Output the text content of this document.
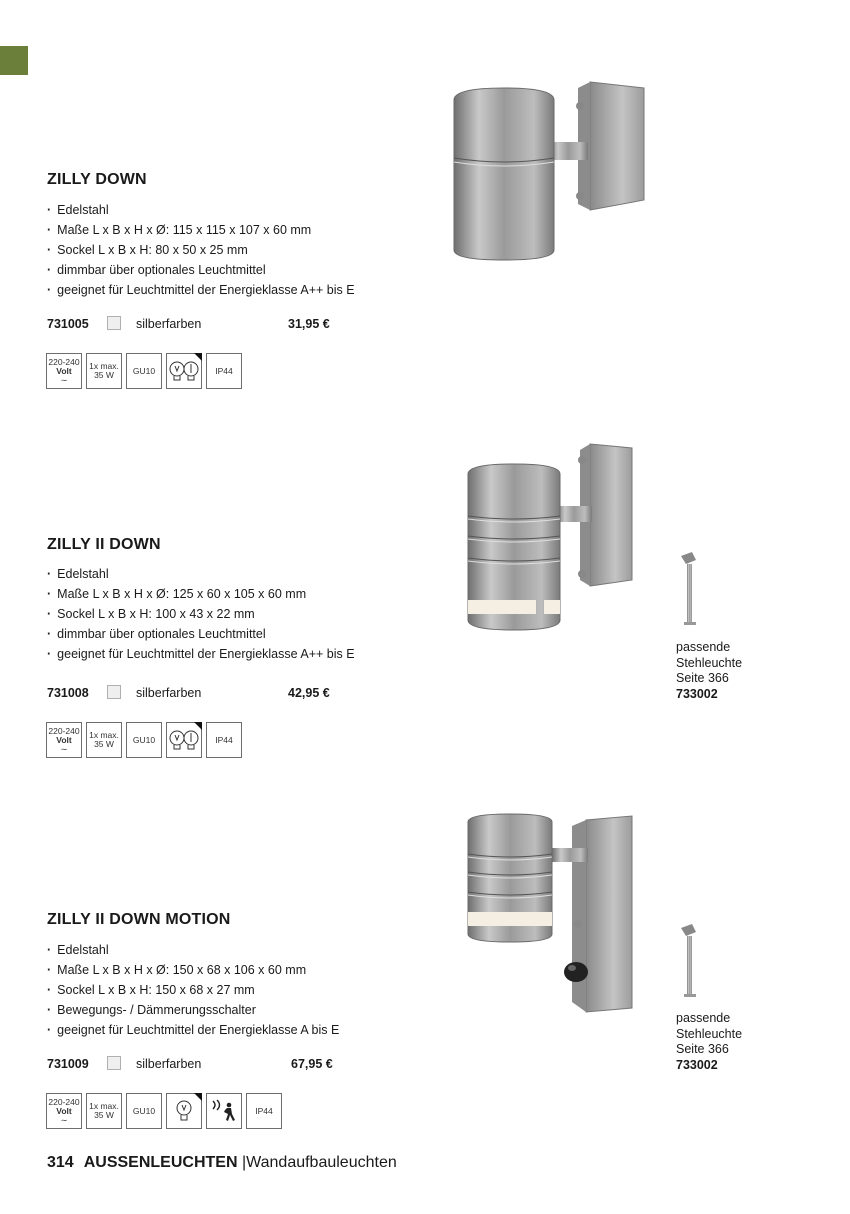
ZILLY DOWN
· Edelstahl
· Maße L x B x H x Ø: 115 x 115 x 107 x 60 mm
· Sockel L x B x H: 80 x 50 x 25 mm
· dimmbar über optionales Leuchtmittel
· geeignet für Leuchtmittel der Energieklasse A++ bis E
731005	silberfarben	31,95 €
220-240
Volt
∼
1x max.
35 W GU10	IP44
ZILLY II DOWN
· Edelstahl
· Maße L x B x H x Ø: 125 x 60 x 105 x 60 mm
· Sockel L x B x H: 100 x 43 x 22 mm
· dimmbar über optionales Leuchtmittel
· geeignet für Leuchtmittel der Energieklasse A++ bis E
731008	silberfarben	42,95 €
220-240
Volt
∼
1x max.
35 W GU10	IP44
passende
Stehleuchte
Seite 366
733002
ZILLY II DOWN MOTION
· Edelstahl
· Maße L x B x H x Ø: 150 x 68 x 106 x 60 mm
· Sockel L x B x H: 150 x 68 x 27 mm
· Bewegungs- / Dämmerungsschalter
· geeignet für Leuchtmittel der Energieklasse A bis E
731009	silberfarben	67,95 €
220-240
Volt
∼
1x max.
35 W GU10	IP44
passende
Stehleuchte
Seite 366
733002
314 AUSSENLEUCHTEN |Wandaufbauleuchten
